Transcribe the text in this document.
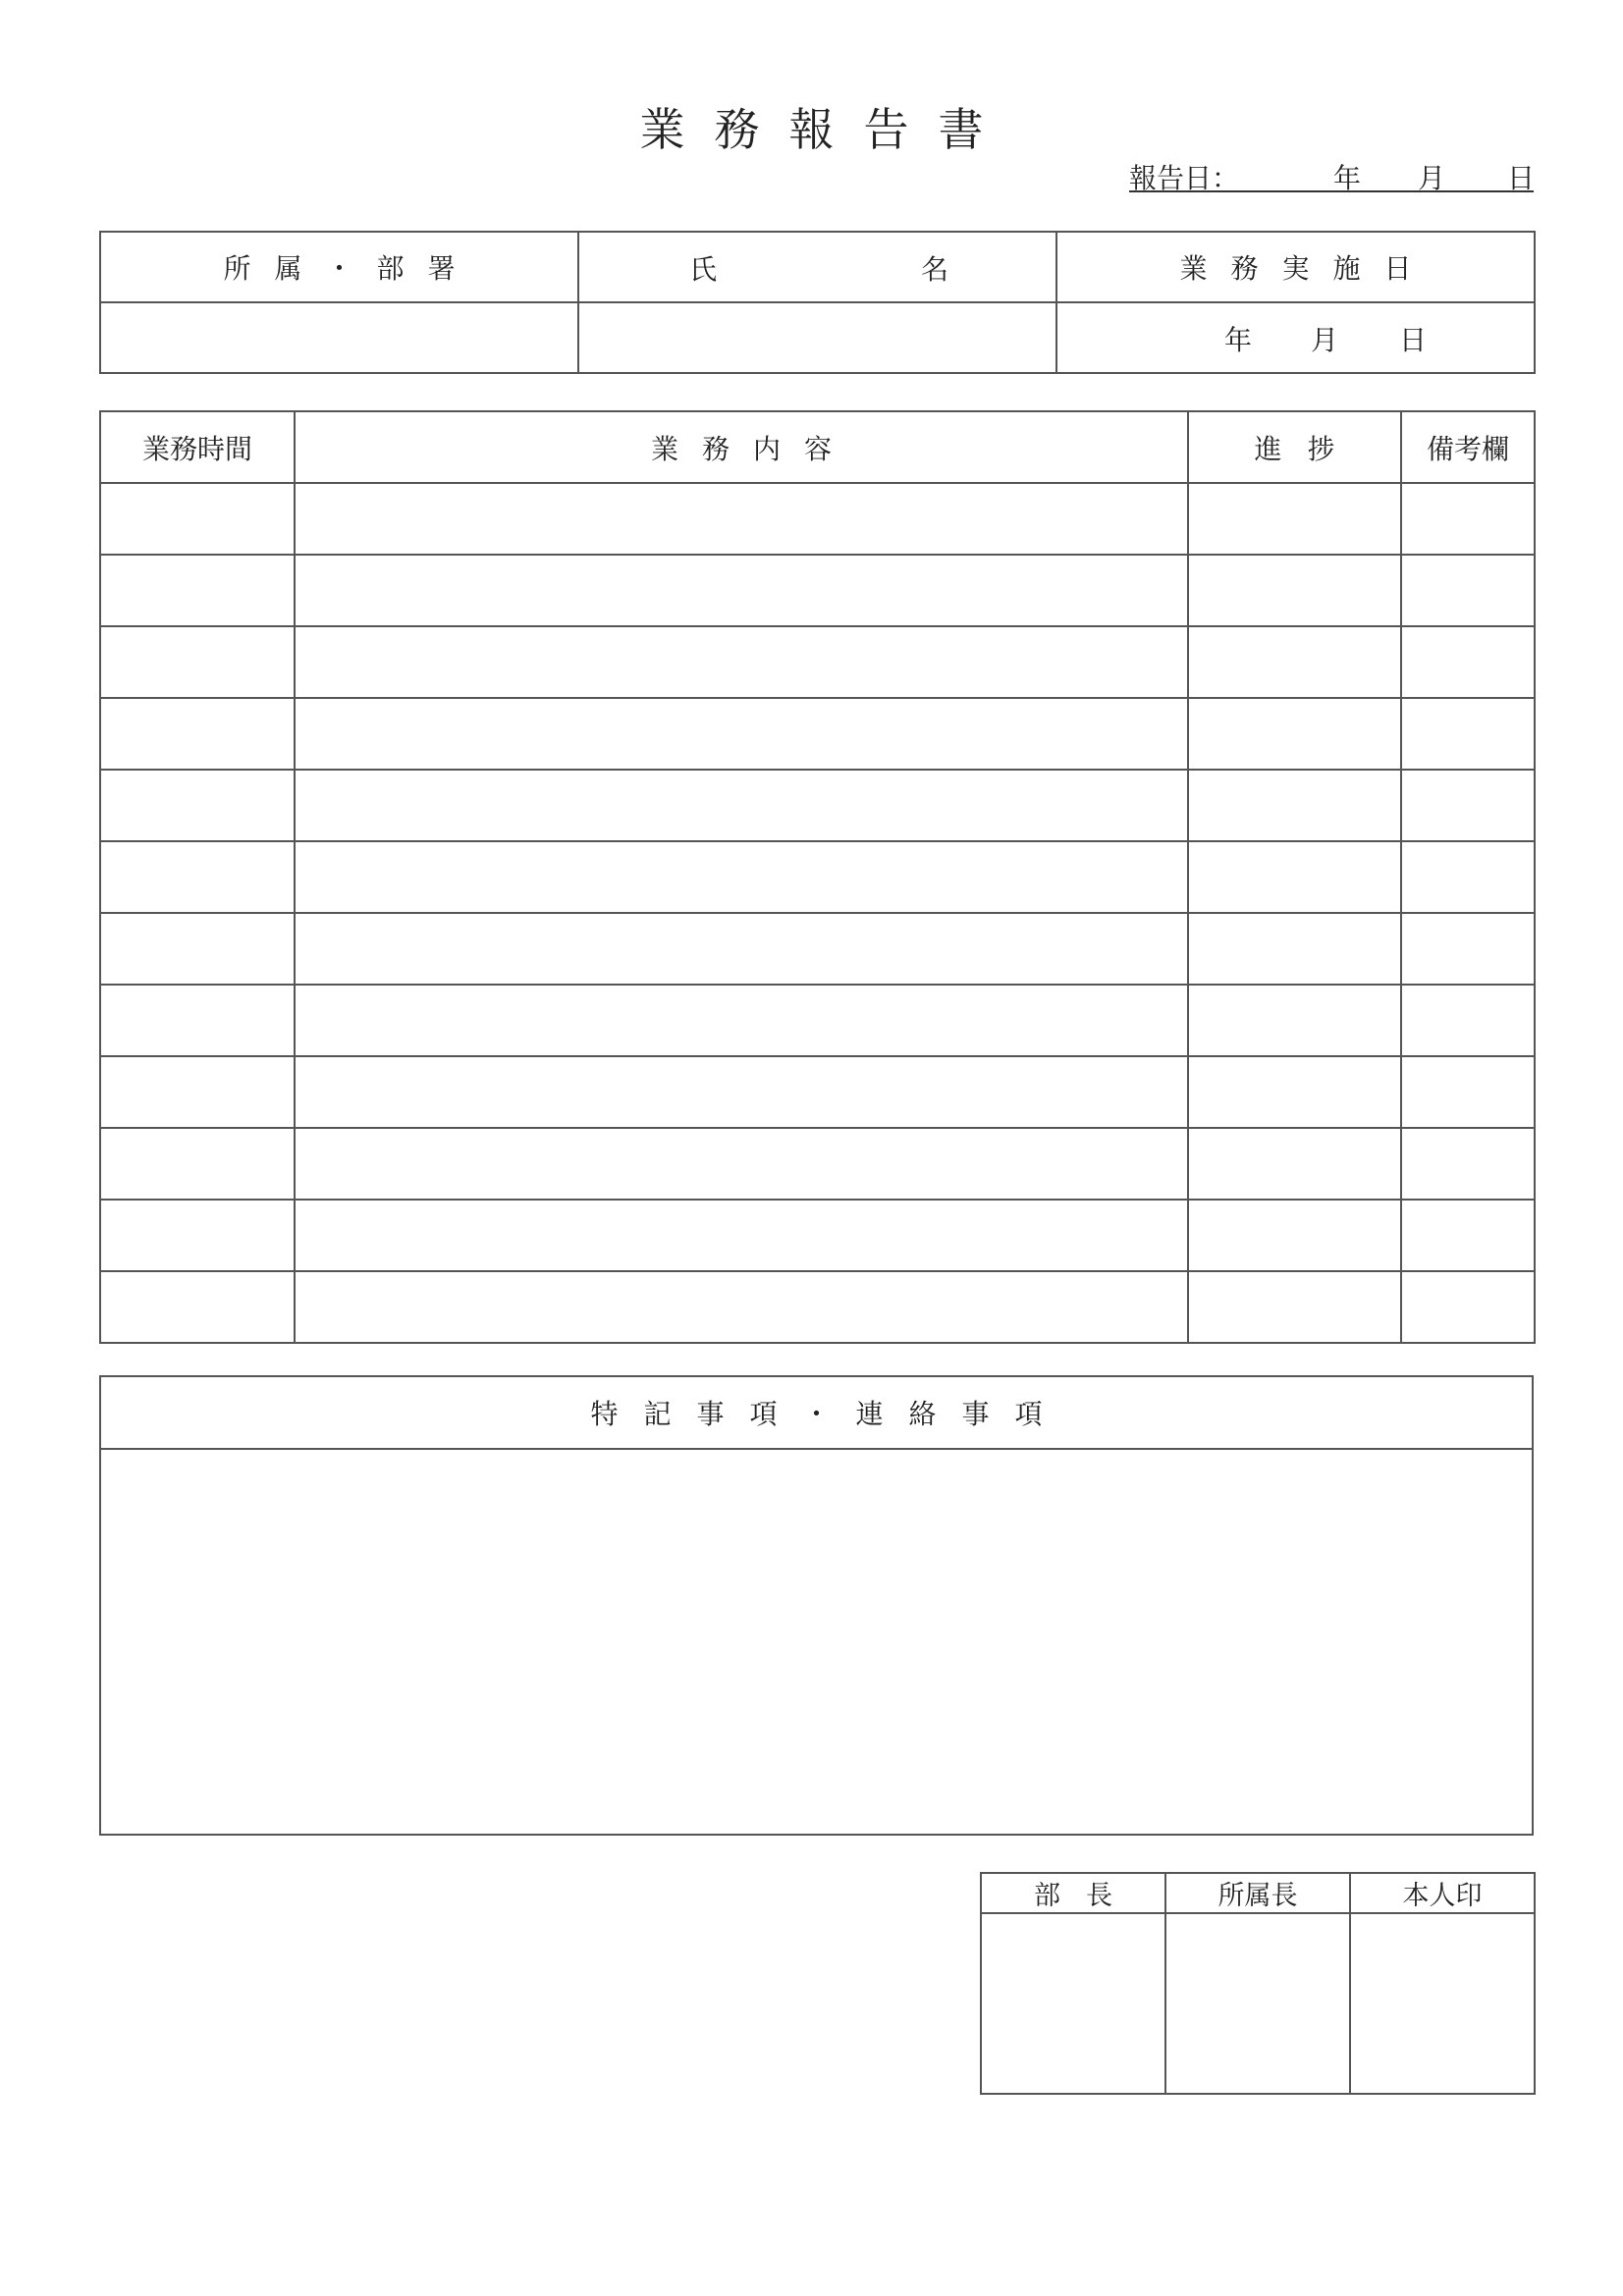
業務報告書
報告日：	年 月 日
所属・部署	氏 名	業務実施日

		年 月 日
業務時間	業務内容	進捗	備考欄

特記事項・連絡事項

部長	所属長	本人印
